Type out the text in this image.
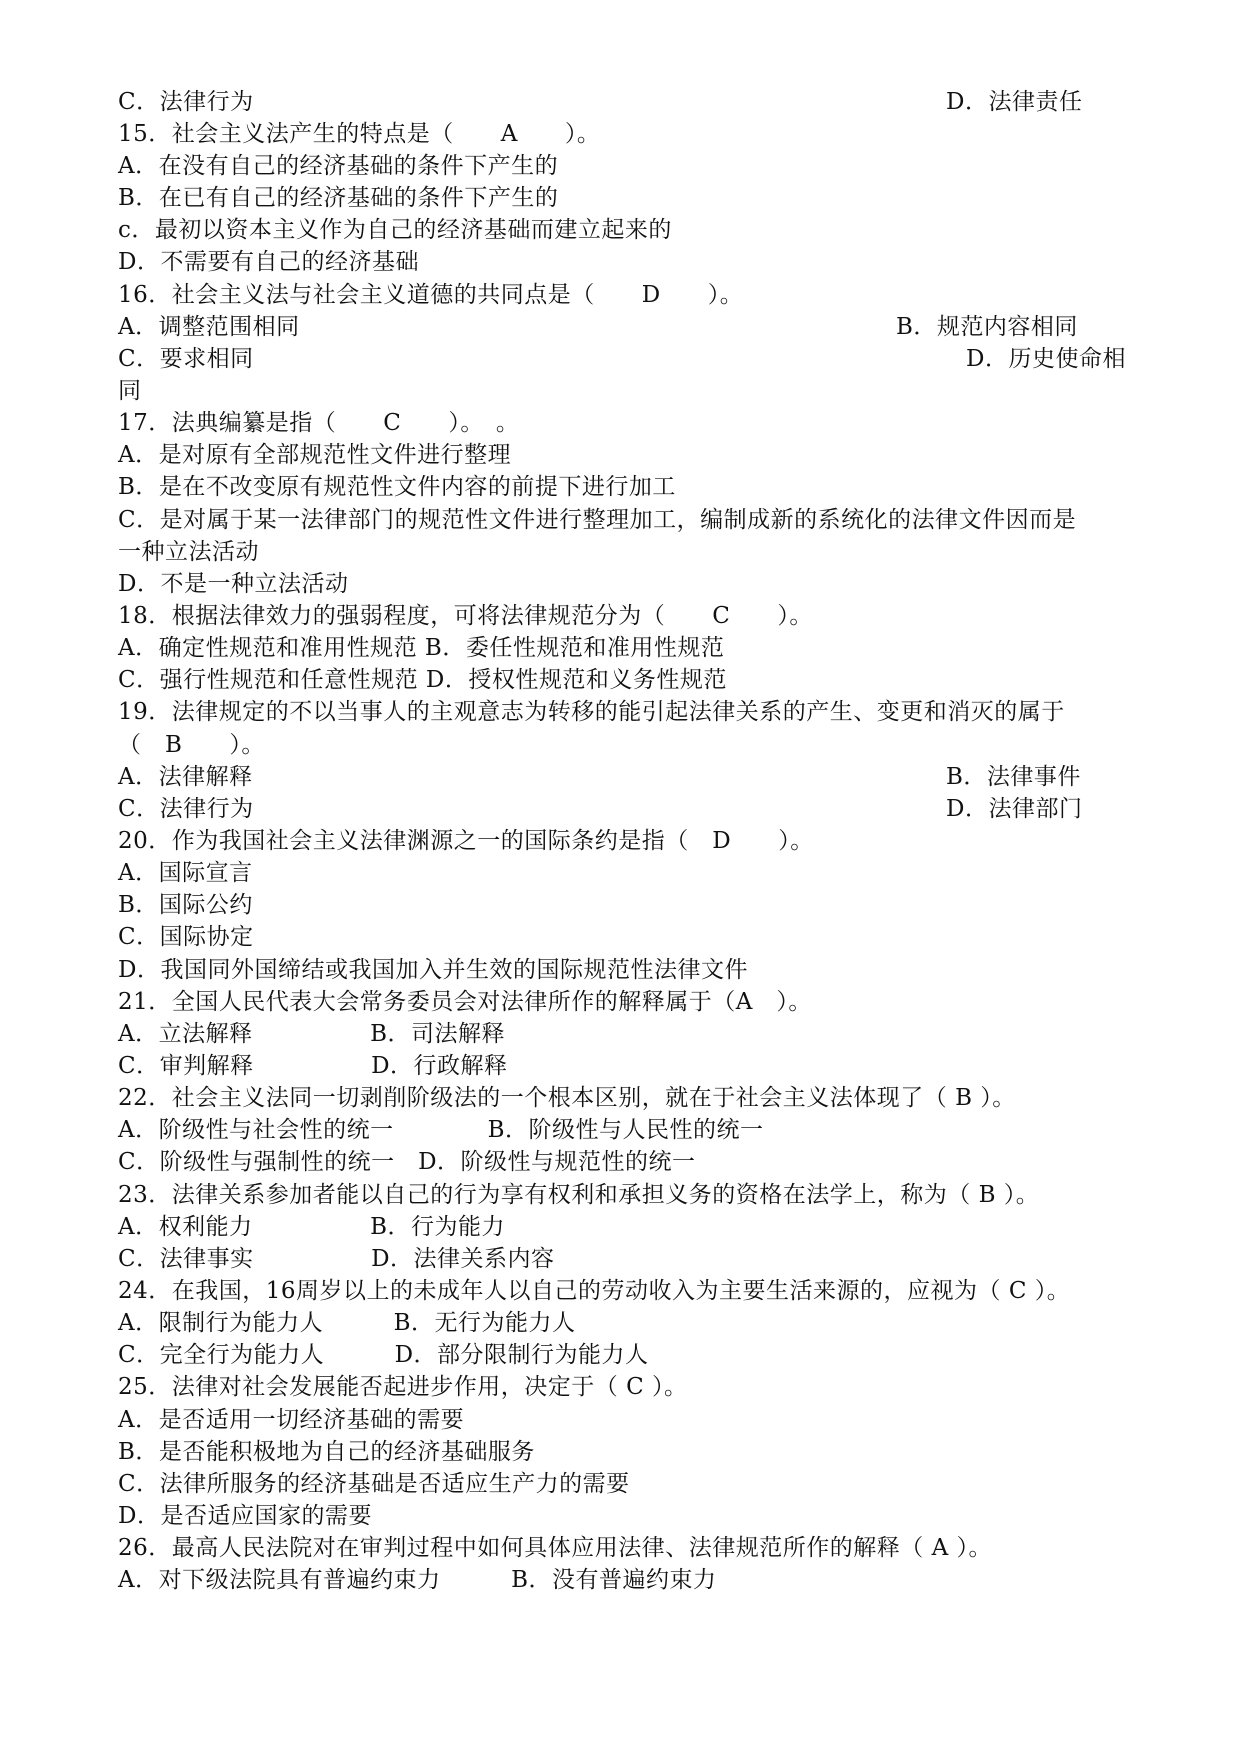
C．法律行为	D．法律责任
15．社会主义法产生的特点是（　　A　　）。
A．在没有自己的经济基础的条件下产生的
B．在已有自己的经济基础的条件下产生的
c．最初以资本主义作为自己的经济基础而建立起来的
D．不需要有自己的经济基础
16．社会主义法与社会主义道德的共同点是（　　D　　）。
A．调整范围相同	B．规范内容相同
C．要求相同	D．历史使命相
同
17．法典编纂是指（　　C　　）。　。
A．是对原有全部规范性文件进行整理
B．是在不改变原有规范性文件内容的前提下进行加工
C．是对属于某一法律部门的规范性文件进行整理加工，编制成新的系统化的法律文件因而是
一种立法活动
D．不是一种立法活动
18．根据法律效力的强弱程度，可将法律规范分为（　　C　　）。
A．确定性规范和准用性规范 B．委任性规范和准用性规范
C．强行性规范和任意性规范 D．授权性规范和义务性规范
19．法律规定的不以当事人的主观意志为转移的能引起法律关系的产生、变更和消灭的属于
（　B　　）。
A．法律解释	B．法律事件
C．法律行为	D．法律部门
20．作为我国社会主义法律渊源之一的国际条约是指（　D　　）。
A．国际宣言
B．国际公约
C．国际协定
D．我国同外国缔结或我国加入并生效的国际规范性法律文件
21．全国人民代表大会常务委员会对法律所作的解释属于（A　）。
A．立法解释　　　　　B．司法解释
C．审判解释　　　　　D．行政解释
22．社会主义法同一切剥削阶级法的一个根本区别，就在于社会主义法体现了（ B ）。
A．阶级性与社会性的统一　　　　B．阶级性与人民性的统一
C．阶级性与强制性的统一　D．阶级性与规范性的统一
23．法律关系参加者能以自己的行为享有权利和承担义务的资格在法学上，称为（ B ）。
A．权利能力　　　　　B．行为能力
C．法律事实　　　　　D．法律关系内容
24．在我国，16周岁以上的未成年人以自己的劳动收入为主要生活来源的，应视为（ C ）。
A．限制行为能力人　　　B．无行为能力人
C．完全行为能力人　　　D．部分限制行为能力人
25．法律对社会发展能否起进步作用，决定于（ C ）。
A．是否适用一切经济基础的需要
B．是否能积极地为自己的经济基础服务
C．法律所服务的经济基础是否适应生产力的需要
D．是否适应国家的需要
26．最高人民法院对在审判过程中如何具体应用法律、法律规范所作的解释（ A ）。
A．对下级法院具有普遍约束力　　　B．没有普遍约束力
